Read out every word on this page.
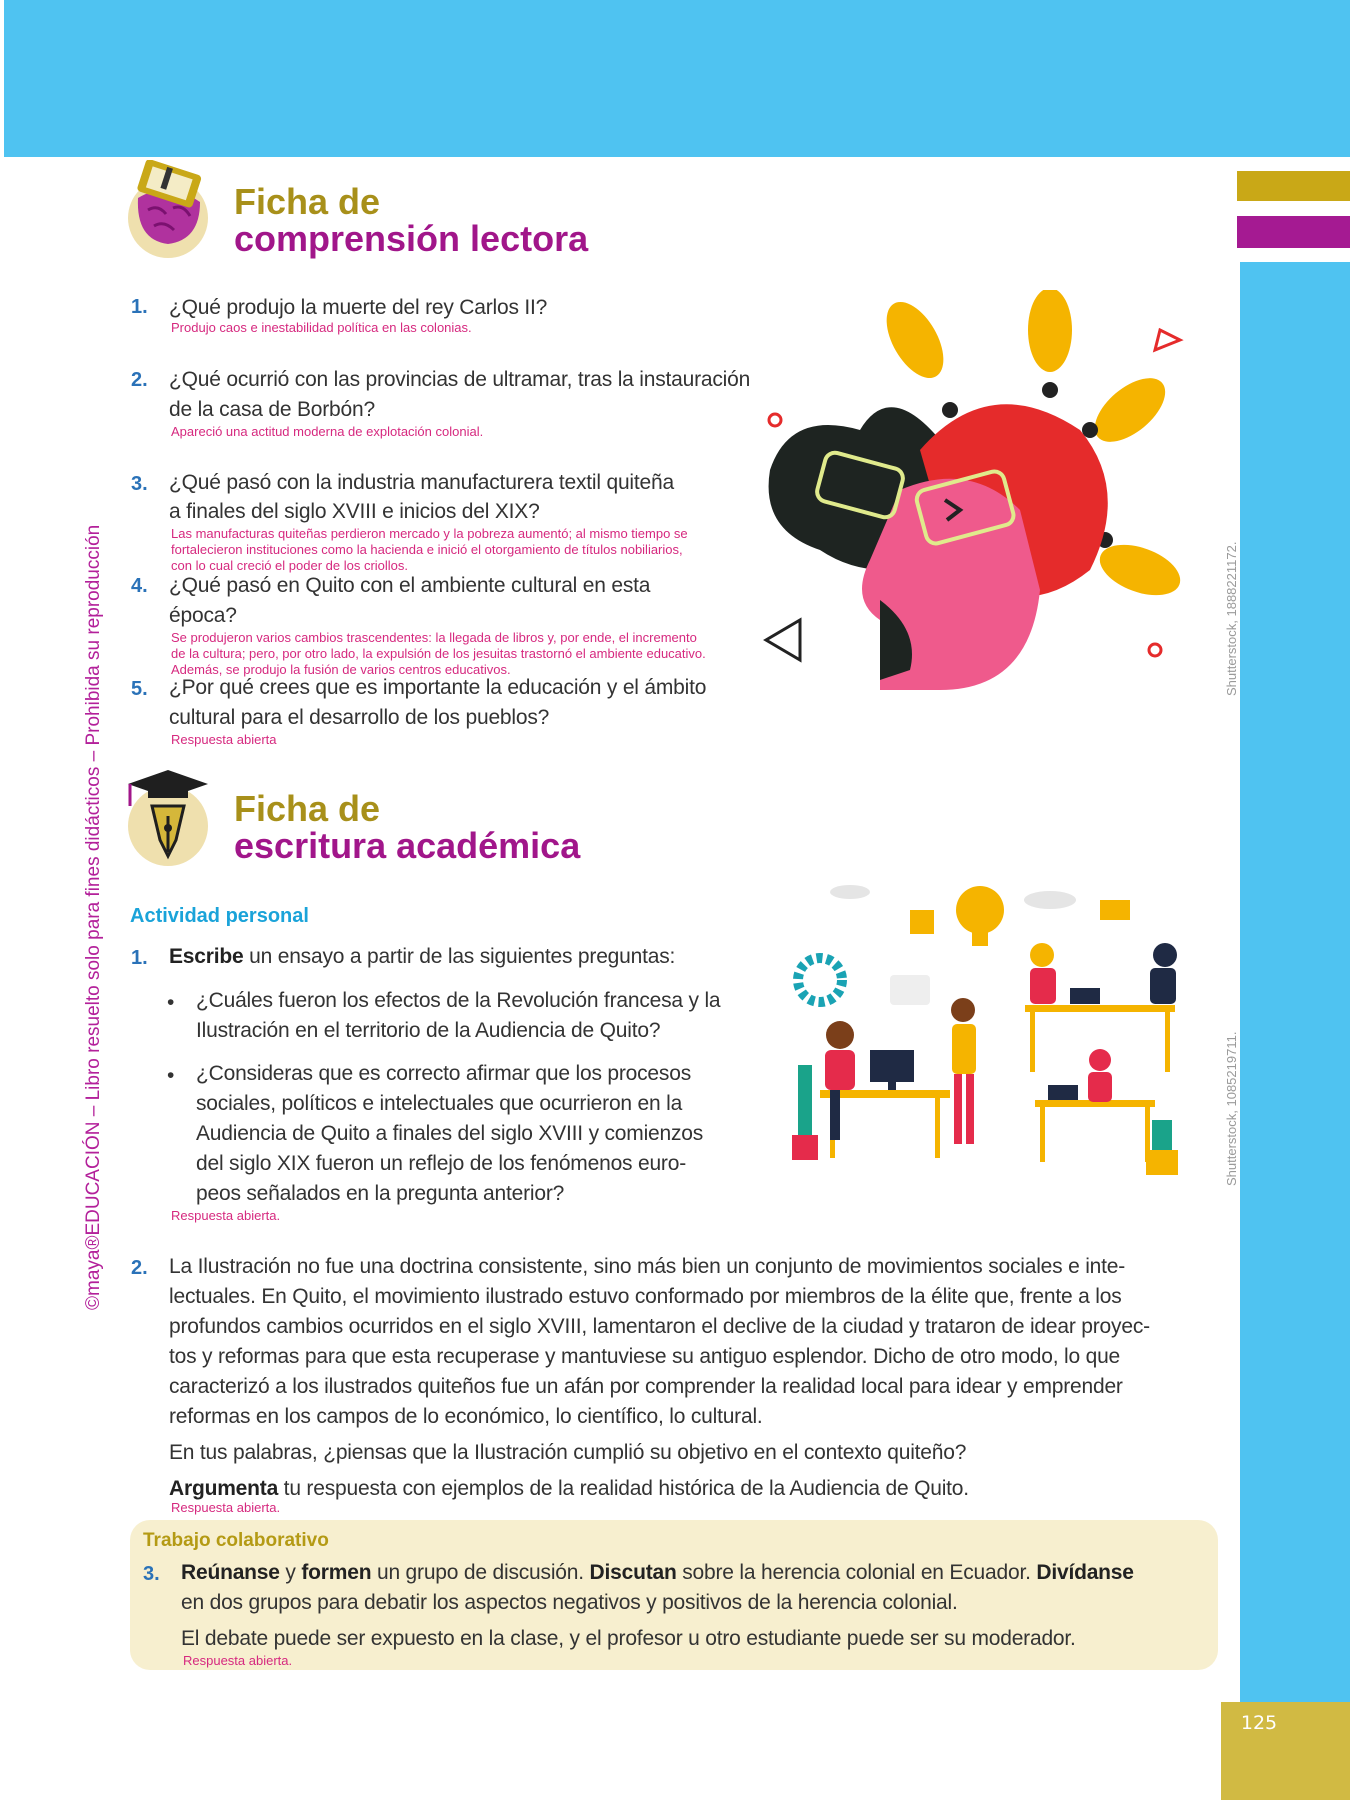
125
©maya®EDUCACIÓN – Libro resuelto solo para fines didácticos – Prohibida su reproducción
Ficha de
comprensión lectora
1. ¿Qué produjo la muerte del rey Carlos II?
Produjo caos e inestabilidad política en las colonias.
2. ¿Qué ocurrió con las provincias de ultramar, tras la instauración
de la casa de Borbón?
Apareció una actitud moderna de explotación colonial.
3. ¿Qué pasó con la industria manufacturera textil quiteña
a finales del siglo XVIII e inicios del XIX?
Las manufacturas quiteñas perdieron mercado y la pobreza aumentó; al mismo tiempo se
fortalecieron instituciones como la hacienda e inició el otorgamiento de títulos nobiliarios,
con lo cual creció el poder de los criollos.
4. ¿Qué pasó en Quito con el ambiente cultural en esta
época?
Se produjeron varios cambios trascendentes: la llegada de libros y, por ende, el incremento
de la cultura; pero, por otro lado, la expulsión de los jesuitas trastornó el ambiente educativo.
Además, se produjo la fusión de varios centros educativos.
5. ¿Por qué crees que es importante la educación y el ámbito
cultural para el desarrollo de los pueblos?
Respuesta abierta
Shutterstock, 1888221172.
Ficha de
escritura académica
Actividad personal
1. Escribe un ensayo a partir de las siguientes preguntas:
• ¿Cuáles fueron los efectos de la Revolución francesa y la
Ilustración en el territorio de la Audiencia de Quito?
• ¿Consideras que es correcto afirmar que los procesos
sociales, políticos e intelectuales que ocurrieron en la
Audiencia de Quito a finales del siglo XVIII y comienzos
del siglo XIX fueron un reflejo de los fenómenos euro-
peos señalados en la pregunta anterior?
Respuesta abierta.
Shutterstock, 1085219711.
2. La Ilustración no fue una doctrina consistente, sino más bien un conjunto de movimientos sociales e inte-
lectuales. En Quito, el movimiento ilustrado estuvo conformado por miembros de la élite que, frente a los
profundos cambios ocurridos en el siglo XVIII, lamentaron el declive de la ciudad y trataron de idear proyec-
tos y reformas para que esta recuperase y mantuviese su antiguo esplendor. Dicho de otro modo, lo que
caracterizó a los ilustrados quiteños fue un afán por comprender la realidad local para idear y emprender
reformas en los campos de lo económico, lo científico, lo cultural.
En tus palabras, ¿piensas que la Ilustración cumplió su objetivo en el contexto quiteño?
Argumenta tu respuesta con ejemplos de la realidad histórica de la Audiencia de Quito.
Respuesta abierta.
Trabajo colaborativo
3. Reúnanse y formen un grupo de discusión. Discutan sobre la herencia colonial en Ecuador. Divídanse
en dos grupos para debatir los aspectos negativos y positivos de la herencia colonial.
El debate puede ser expuesto en la clase, y el profesor u otro estudiante puede ser su moderador.
Respuesta abierta.
